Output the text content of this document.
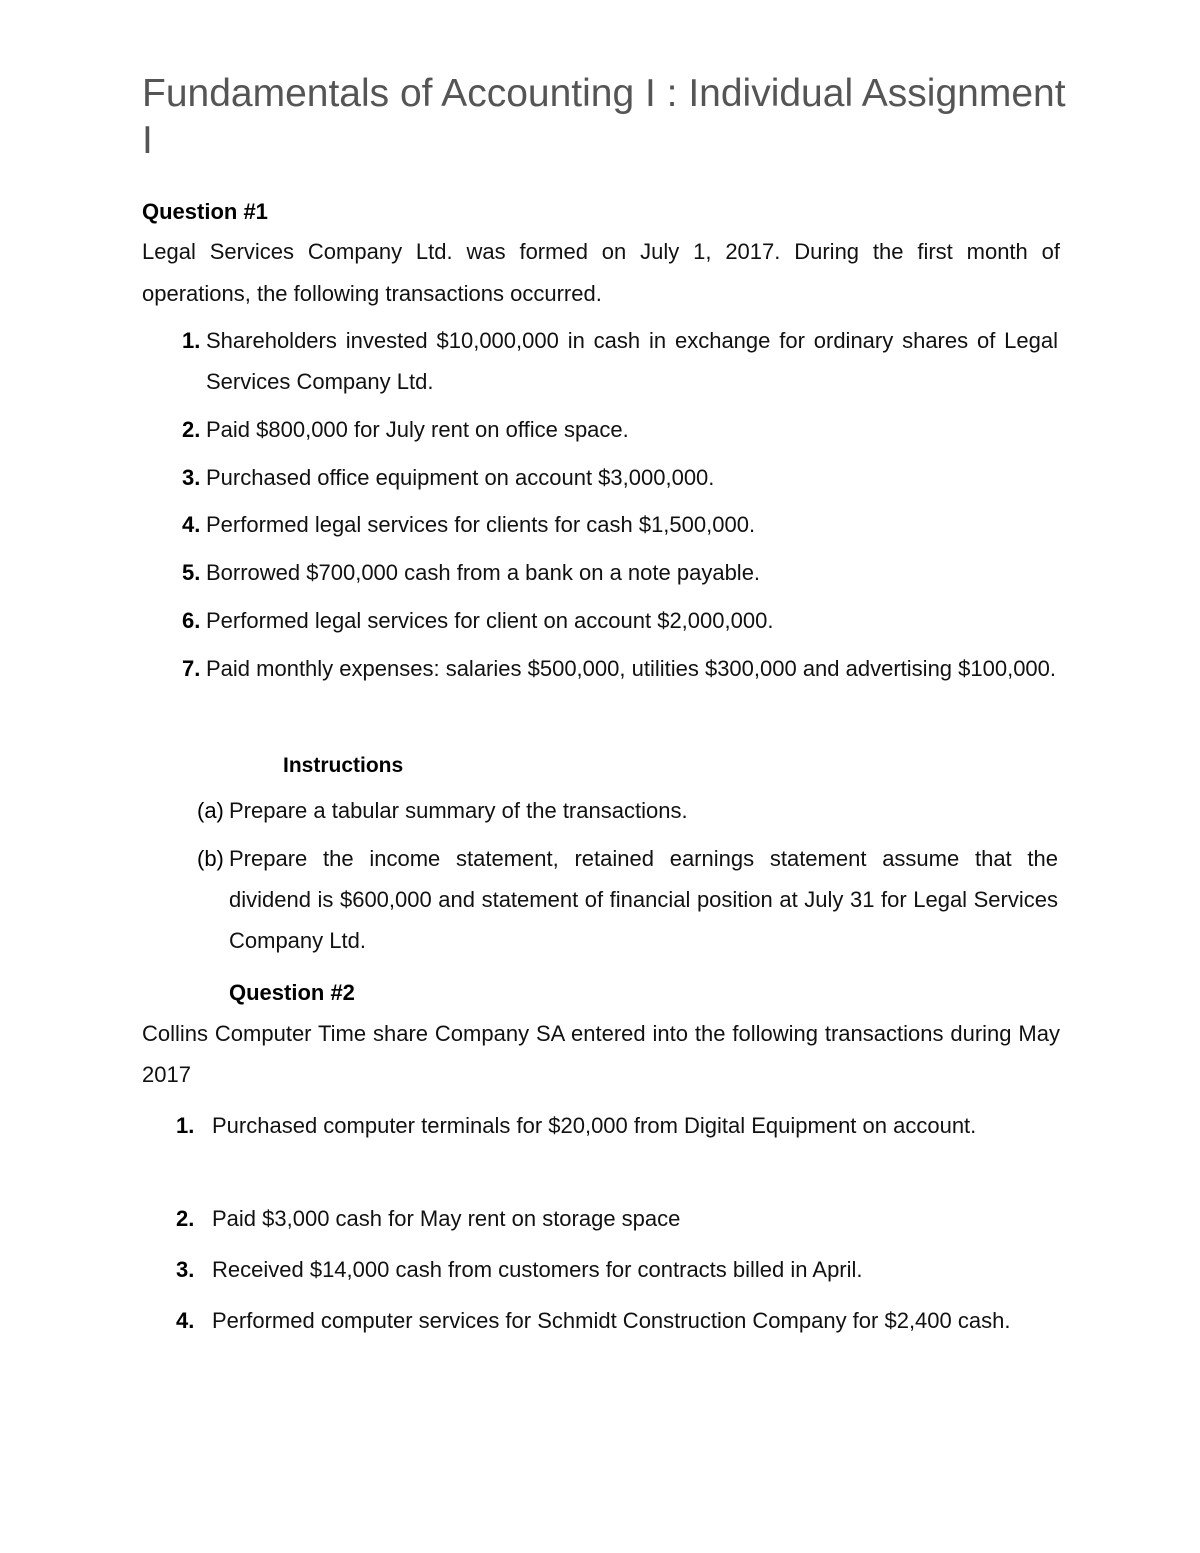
Fundamentals of Accounting I : Individual Assignment I
Question #1
Legal Services Company Ltd. was formed on July 1, 2017. During the first month of operations, the following transactions occurred.
1. Shareholders invested $10,000,000 in cash in exchange for ordinary shares of Legal Services Company Ltd.
2. Paid $800,000 for July rent on office space.
3. Purchased office equipment on account $3,000,000.
4. Performed legal services for clients for cash $1,500,000.
5. Borrowed $700,000 cash from a bank on a note payable.
6. Performed legal services for client on account $2,000,000.
7. Paid monthly expenses: salaries $500,000, utilities $300,000 and advertising $100,000.
Instructions
(a) Prepare a tabular summary of the transactions.
(b) Prepare the income statement, retained earnings statement assume that the dividend is $600,000 and statement of financial position at July 31 for Legal Services Company Ltd.
Question #2
Collins Computer Time share Company SA entered into the following transactions during May 2017
1. Purchased computer terminals for $20,000 from Digital Equipment on account.
2. Paid $3,000 cash for May rent on storage space
3. Received $14,000 cash from customers for contracts billed in April.
4. Performed computer services for Schmidt Construction Company for $2,400 cash.
